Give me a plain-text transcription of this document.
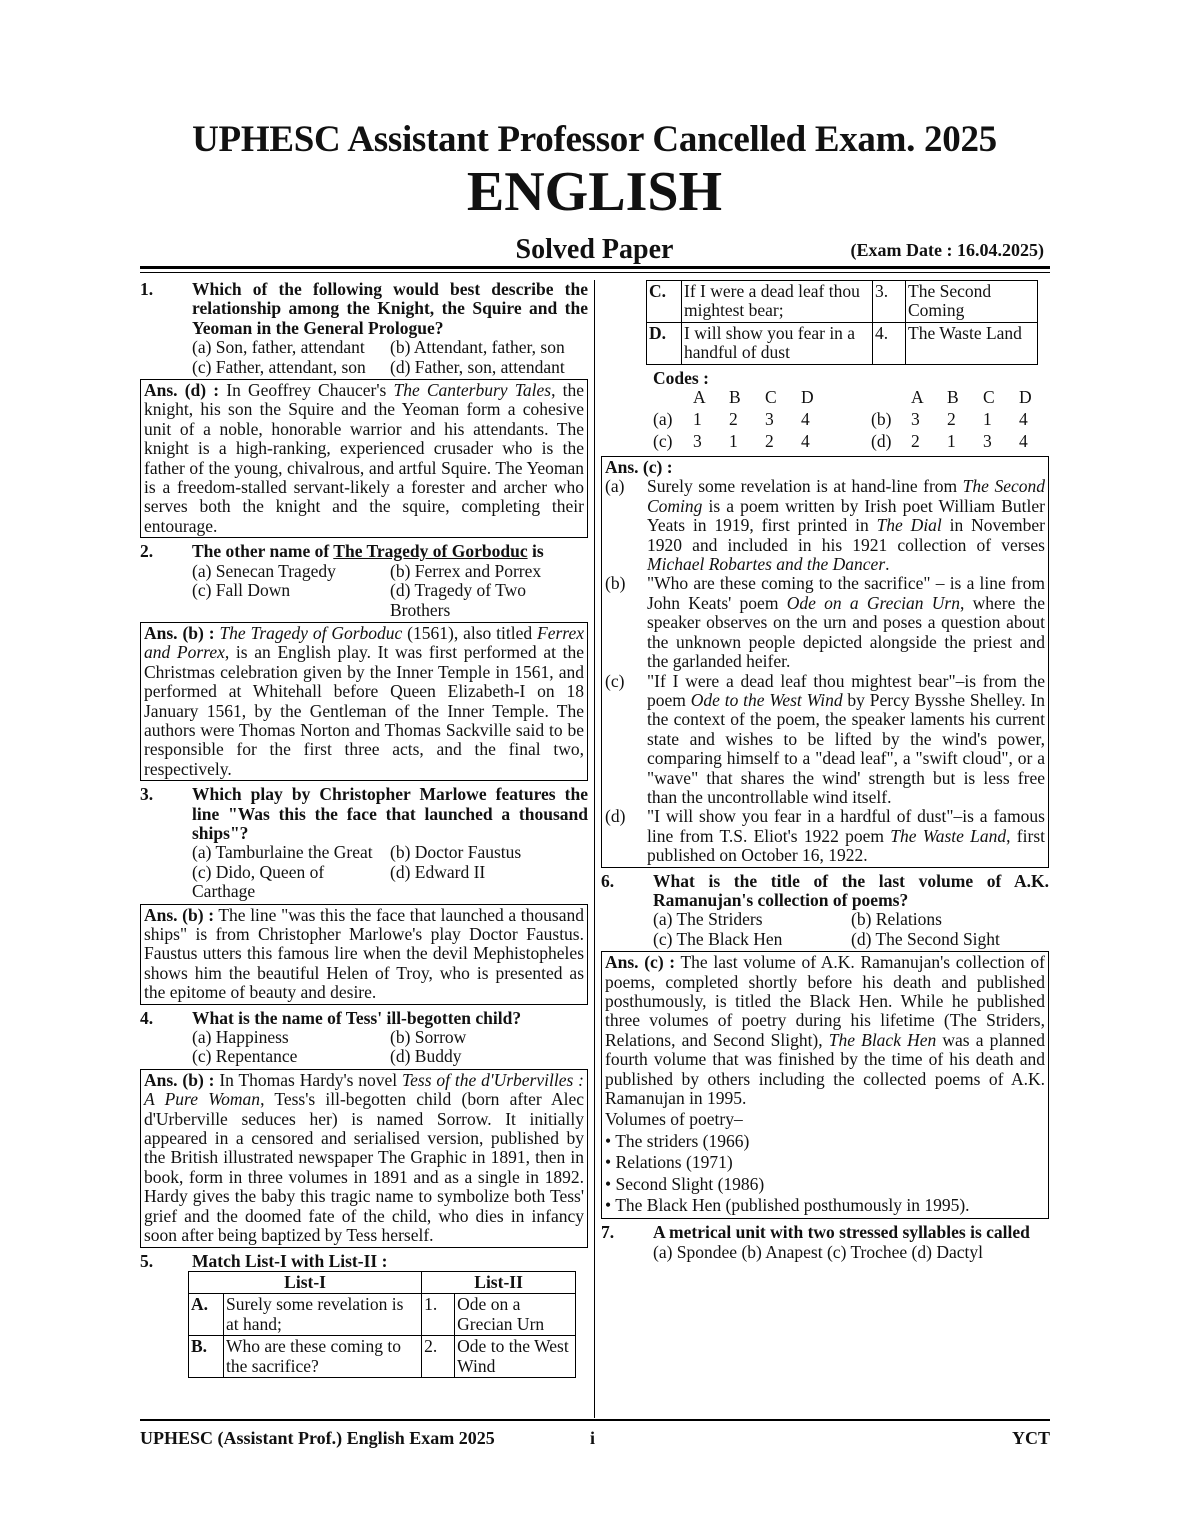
UPHESC Assistant Professor Cancelled Exam. 2025
ENGLISH
Solved Paper	(Exam Date : 16.04.2025)
1.	Which of the following would best describe the relationship among the Knight, the Squire and the Yeoman in the General Prologue?
(a) Son, father, attendant	(b) Attendant, father, son
(c) Father, attendant, son	(d) Father, son, attendant
Ans. (d) : In Geoffrey Chaucer's The Canterbury Tales, the knight, his son the Squire and the Yeoman form a cohesive unit of a noble, honorable warrior and his attendants. The knight is a high-ranking, experienced crusader who is the father of the young, chivalrous, and artful Squire. The Yeoman is a freedom-stalled servant-likely a forester and archer who serves both the knight and the squire, completing their entourage.
2.	The other name of The Tragedy of Gorboduc is
(a) Senecan Tragedy	(b) Ferrex and Porrex
(c) Fall Down	(d) Tragedy of Two Brothers
Ans. (b) : The Tragedy of Gorboduc (1561), also titled Ferrex and Porrex, is an English play. It was first performed at the Christmas celebration given by the Inner Temple in 1561, and performed at Whitehall before Queen Elizabeth-I on 18 January 1561, by the Gentleman of the Inner Temple. The authors were Thomas Norton and Thomas Sackville said to be responsible for the first three acts, and the final two, respectively.
3.	Which play by Christopher Marlowe features the line "Was this the face that launched a thousand ships"?
(a) Tamburlaine the Great (b) Doctor Faustus
(c) Dido, Queen of Carthage
(d) Edward II
Ans. (b) : The line "was this the face that launched a thousand ships" is from Christopher Marlowe's play Doctor Faustus. Faustus utters this famous lire when the devil Mephistopheles shows him the beautiful Helen of Troy, who is presented as the epitome of beauty and desire.
4.	What is the name of Tess' ill-begotten child?
(a) Happiness	(b) Sorrow
(c) Repentance	(d) Buddy
Ans. (b) : In Thomas Hardy's novel Tess of the d'Urbervilles : A Pure Woman, Tess's ill-begotten child (born after Alec d'Urberville seduces her) is named Sorrow. It initially appeared in a censored and serialised version, published by the British illustrated newspaper The Graphic in 1891, then in book, form in three volumes in 1891 and as a single in 1892. Hardy gives the baby this tragic name to symbolize both Tess' grief and the doomed fate of the child, who dies in infancy soon after being baptized by Tess herself.
5.	Match List-I with List-II :
List-I		List-II	
A.	Surely some revelation is at hand;	1.	Ode on a Grecian Urn
B.	Who are these coming to the sacrifice?	2.	Ode to the West Wind
C.	If I were a dead leaf thou mightest bear;	3.	The Second Coming
D.	I will show you fear in a handful of dust	4.	The Waste Land
Codes :
A	B	C	D	A	B	C	D
(a)	1	2	3	4	(b)	3	2	1	4
(c)	3	1	2	4	(d)	2	1	3	4
Ans. (c) :
(a)	Surely some revelation is at hand-line from The Second Coming is a poem written by Irish poet William Butler Yeats in 1919, first printed in The Dial in November 1920 and included in his 1921 collection of verses Michael Robartes and the Dancer.
(b)	"Who are these coming to the sacrifice" – is a line from John Keats' poem Ode on a Grecian Urn, where the speaker observes on the urn and poses a question about the unknown people depicted alongside the priest and the garlanded heifer.
(c)	"If I were a dead leaf thou mightest bear"–is from the poem Ode to the West Wind by Percy Bysshe Shelley. In the context of the poem, the speaker laments his current state and wishes to be lifted by the wind's power, comparing himself to a "dead leaf", a "swift cloud", or a "wave" that shares the wind' strength but is less free than the uncontrollable wind itself.
(d)	"I will show you fear in a hardful of dust"–is a famous line from T.S. Eliot's 1922 poem The Waste Land, first published on October 16, 1922.
6.	What is the title of the last volume of A.K. Ramanujan's collection of poems?
(a) The Striders	(b) Relations
(c) The Black Hen	(d) The Second Sight
Ans. (c) : The last volume of A.K. Ramanujan's collection of poems, completed shortly before his death and published posthumously, is titled the Black Hen. While he published three volumes of poetry during his lifetime (The Striders, Relations, and Second Slight), The Black Hen was a planned fourth volume that was finished by the time of his death and published by others including the collected poems of A.K. Ramanujan in 1995.
Volumes of poetry–
• The striders (1966)
• Relations (1971)
• Second Slight (1986)
• The Black Hen (published posthumously in 1995).
7.	A metrical unit with two stressed syllables is called
(a) Spondee (b) Anapest (c) Trochee (d) Dactyl
UPHESC (Assistant Prof.) English Exam 2025	i	YCT
